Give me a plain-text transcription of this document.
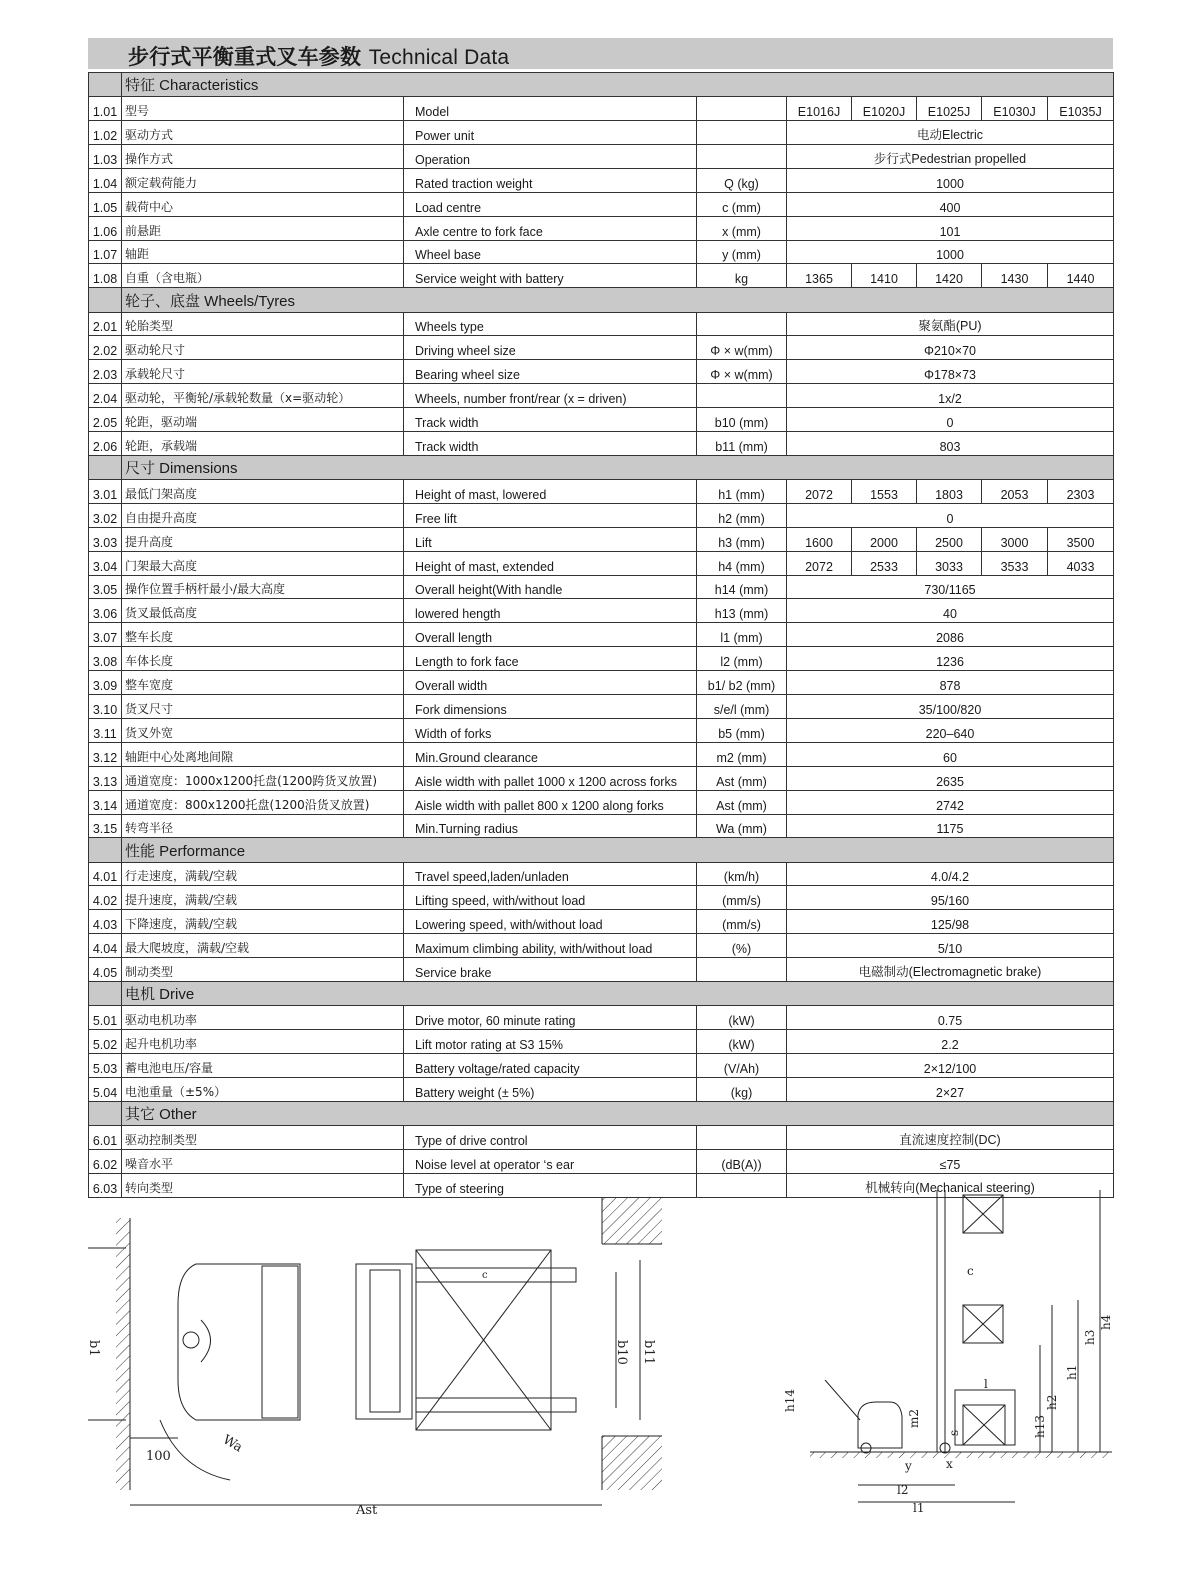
步行式平衡重式叉车参数 Technical Data
	特征 Characteristics							
1.01	型号	Model		E1016J	E1020J	E1025J	E1030J	E1035J
1.02	驱动方式	Power unit		电动Electric				
1.03	操作方式	Operation		步行式Pedestrian propelled				
1.04	额定载荷能力	Rated traction weight	Q (kg)	1000				
1.05	载荷中心	Load centre	c (mm)	400				
1.06	前悬距	Axle centre to fork face	x (mm)	101				
1.07	轴距	Wheel base	y (mm)	1000				
1.08	自重（含电瓶）	Service weight with battery	kg	1365	1410	1420	1430	1440
	轮子、底盘 Wheels/Tyres							
2.01	轮胎类型	Wheels type		聚氨酯(PU)				
2.02	驱动轮尺寸	Driving wheel size	Φ × w(mm)	Φ210×70				
2.03	承载轮尺寸	Bearing wheel size	Φ × w(mm)	Φ178×73				
2.04	驱动轮，平衡轮/承载轮数量（x=驱动轮）	Wheels, number front/rear (x = driven)		1x/2				
2.05	轮距，驱动端	Track width	b10 (mm)	0				
2.06	轮距，承载端	Track width	b11 (mm)	803				
	尺寸 Dimensions							
3.01	最低门架高度	Height of mast, lowered	h1 (mm)	2072	1553	1803	2053	2303
3.02	自由提升高度	Free lift	h2 (mm)	0				
3.03	提升高度	Lift	h3 (mm)	1600	2000	2500	3000	3500
3.04	门架最大高度	Height of mast, extended	h4 (mm)	2072	2533	3033	3533	4033
3.05	操作位置手柄杆最小/最大高度	Overall height(With handle	h14 (mm)	730/1165				
3.06	货叉最低高度	lowered hength	h13 (mm)	40				
3.07	整车长度	Overall length	l1 (mm)	2086				
3.08	车体长度	Length to fork face	l2 (mm)	1236				
3.09	整车宽度	Overall width	b1/ b2 (mm)	878				
3.10	货叉尺寸	Fork dimensions	s/e/l (mm)	35/100/820				
3.11	货叉外宽	Width of forks	b5 (mm)	220–640				
3.12	轴距中心处离地间隙	Min.Ground clearance	m2 (mm)	60				
3.13	通道宽度：1000x1200托盘(1200跨货叉放置)	Aisle width with pallet 1000 x 1200 across forks	Ast (mm)	2635				
3.14	通道宽度：800x1200托盘(1200沿货叉放置)	Aisle width with pallet 800 x 1200 along forks	Ast (mm)	2742				
3.15	转弯半径	Min.Turning radius	Wa (mm)	1175				
	性能 Performance							
4.01	行走速度，满载/空载	Travel speed,laden/unladen	(km/h)	4.0/4.2				
4.02	提升速度，满载/空载	Lifting speed, with/without load	(mm/s)	95/160				
4.03	下降速度，满载/空载	Lowering speed, with/without load	(mm/s)	125/98				
4.04	最大爬坡度，满载/空载	Maximum climbing ability, with/without load	(%)	5/10				
4.05	制动类型	Service brake		电磁制动(Electromagnetic brake)				
	电机 Drive							
5.01	驱动电机功率	Drive motor, 60 minute rating	(kW)	0.75				
5.02	起升电机功率	Lift motor rating at S3 15%	(kW)	2.2				
5.03	蓄电池电压/容量	Battery voltage/rated capacity	(V/Ah)	2×12/100				
5.04	电池重量（±5%）	Battery weight (± 5%)	(kg)	2×27				
	其它 Other							
6.01	驱动控制类型	Type of drive control		直流速度控制(DC)				
6.02	噪音水平	Noise level at operator ‘s ear	(dB(A))	≤75				
6.03	转向类型	Type of steering		机械转向(Mechanical steering)				
b1	b11
b10
c
100
Wa
Ast
c
l
h14
m2
s	h13
h2
h1
h3
h4
y	x
l2
l1
